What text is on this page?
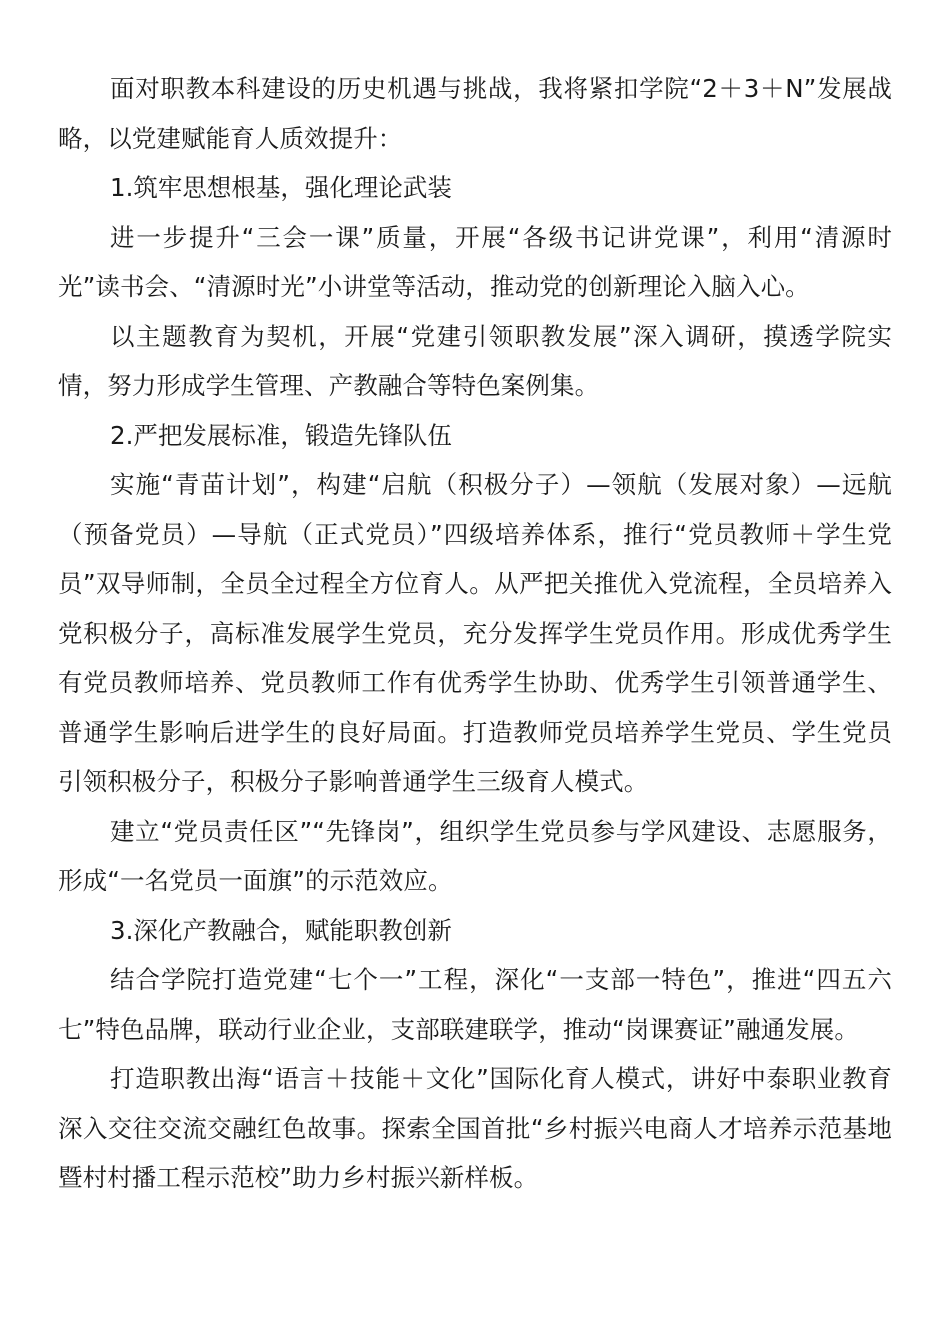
面对职教本科建设的历史机遇与挑战，我将紧扣学院“2＋3＋N”发展战略，以党建赋能育人质效提升：

1.筑牢思想根基，强化理论武装

进一步提升“三会一课”质量，开展“各级书记讲党课”，利用“清源时光”读书会、“清源时光”小讲堂等活动，推动党的创新理论入脑入心。

以主题教育为契机，开展“党建引领职教发展”深入调研，摸透学院实情，努力形成学生管理、产教融合等特色案例集。

2.严把发展标准，锻造先锋队伍

实施“青苗计划”，构建“启航（积极分子）—领航（发展对象）—远航（预备党员）—导航（正式党员）”四级培养体系，推行“党员教师＋学生党员”双导师制，全员全过程全方位育人。从严把关推优入党流程，全员培养入党积极分子，高标准发展学生党员，充分发挥学生党员作用。形成优秀学生有党员教师培养、党员教师工作有优秀学生协助、优秀学生引领普通学生、普通学生影响后进学生的良好局面。打造教师党员培养学生党员、学生党员引领积极分子，积极分子影响普通学生三级育人模式。

建立“党员责任区”“先锋岗”，组织学生党员参与学风建设、志愿服务，形成“一名党员一面旗”的示范效应。

3.深化产教融合，赋能职教创新

结合学院打造党建“七个一”工程，深化“一支部一特色”，推进“四五六七”特色品牌，联动行业企业，支部联建联学，推动“岗课赛证”融通发展。

打造职教出海“语言＋技能＋文化”国际化育人模式，讲好中泰职业教育深入交往交流交融红色故事。探索全国首批“乡村振兴电商人才培养示范基地暨村村播工程示范校”助力乡村振兴新样板。
